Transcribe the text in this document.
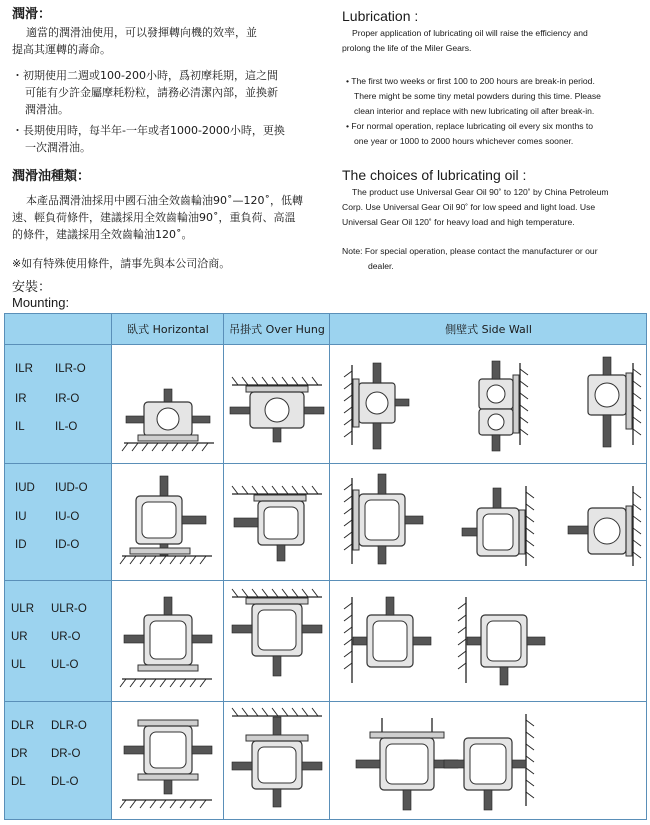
潤滑：

適當的潤滑油使用，可以發揮轉向機的效率，並

提高其運轉的壽命。

・初期使用二週或100-200小時，爲初摩耗期，這之間

可能有少許金屬摩耗粉粒，請務必清潔內部，並換新

潤滑油。

・長期使用時，每半年-一年或者1000-2000小時，更換

一次潤滑油。

潤滑油種類：

本產品潤滑油採用中國石油全效齒輪油90˚—120˚，低轉

速、輕負荷條件，建議採用全效齒輪油90˚，重負荷、高溫

的條件，建議採用全效齒輪油120˚。

※如有特殊使用條件，請事先與本公司洽商。

Lubrication :

Proper application of lubricating oil will raise the efficiency and

prolong the life of the Miler Gears.

• The first two weeks or first 100 to 200 hours are break-in period.

There might be some tiny metal powders during this time. Please

clean interior and replace with new lubricating oil after break-in.

• For normal operation, replace lubricating oil every six months to

one year or 1000 to 2000 hours whichever comes sooner.

The choices of lubricating oil :

The product use Universal Gear Oil 90˚ to 120˚ by China Petroleum

Corp. Use Universal Gear Oil 90˚ for low speed and light load. Use

Universal Gear Oil 120˚ for heavy load and high temperature.

Note: For special operation, please contact the manufacturer or our

dealer.

安裝：
Mounting:
臥式 Horizontal	吊掛式 Over Hung	側壁式 Side Wall
ILR ILR-O
IR IR-O
IL	IL-O
IUD IUD-O
IU IU-O
ID ID-O
ULR ULR-O
UR UR-O
UL UL-O
DLR DLR-O
DR DR-O
DL DL-O
